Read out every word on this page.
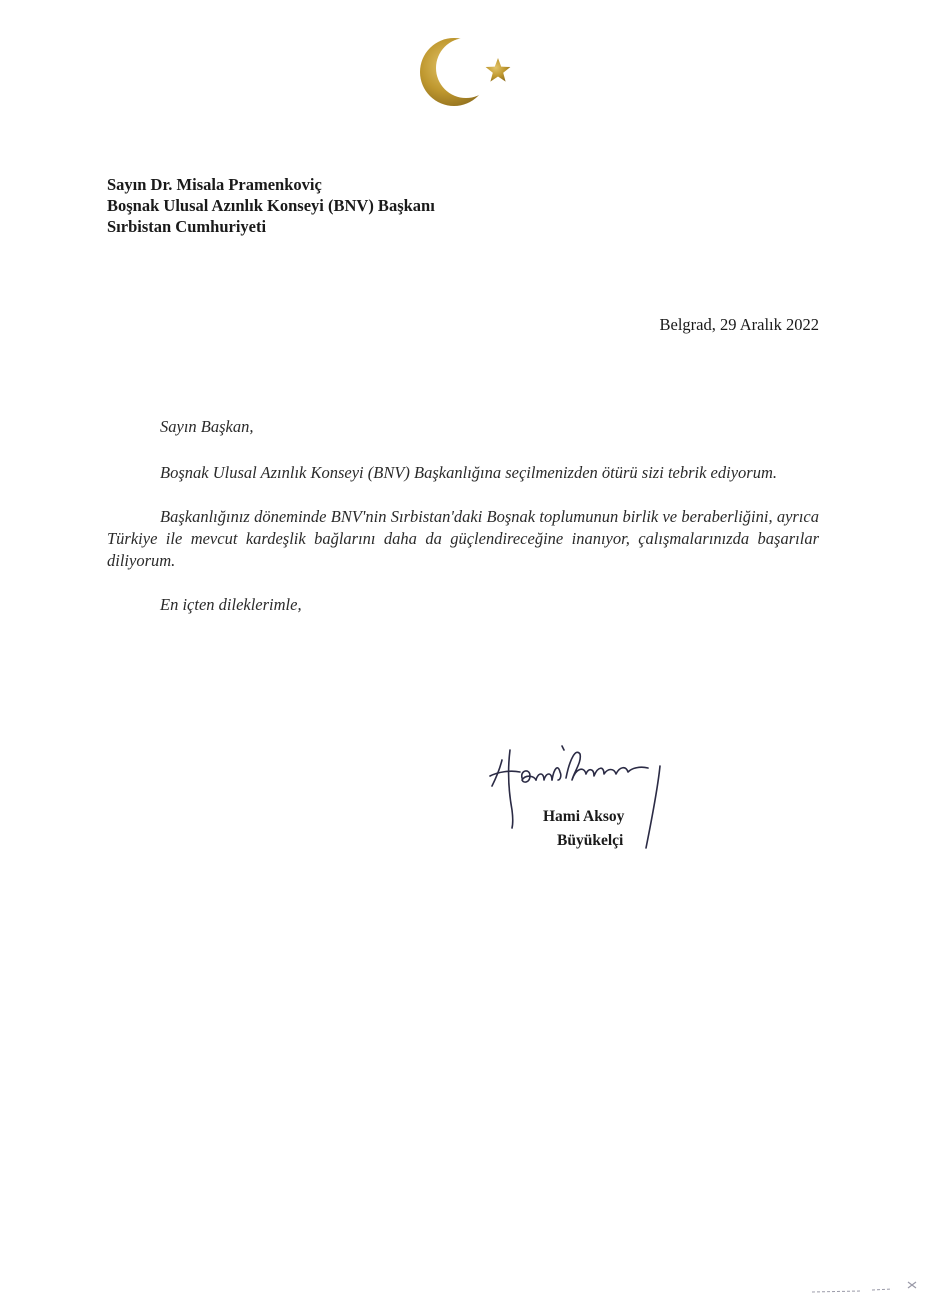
Sayın Dr. Misala Pramenkoviç
Boşnak Ulusal Azınlık Konseyi (BNV) Başkanı
Sırbistan Cumhuriyeti
Belgrad, 29 Aralık 2022
Sayın Başkan,

Boşnak Ulusal Azınlık Konseyi (BNV) Başkanlığına seçilmenizden ötürü sizi tebrik ediyorum.

Başkanlığınız döneminde BNV'nin Sırbistan'daki Boşnak toplumunun birlik ve beraberliğini, ayrıca Türkiye ile mevcut kardeşlik bağlarını daha da güçlendireceğine inanıyor, çalışmalarınızda başarılar diliyorum.

En içten dileklerimle,
Hami Aksoy
Büyükelçi
